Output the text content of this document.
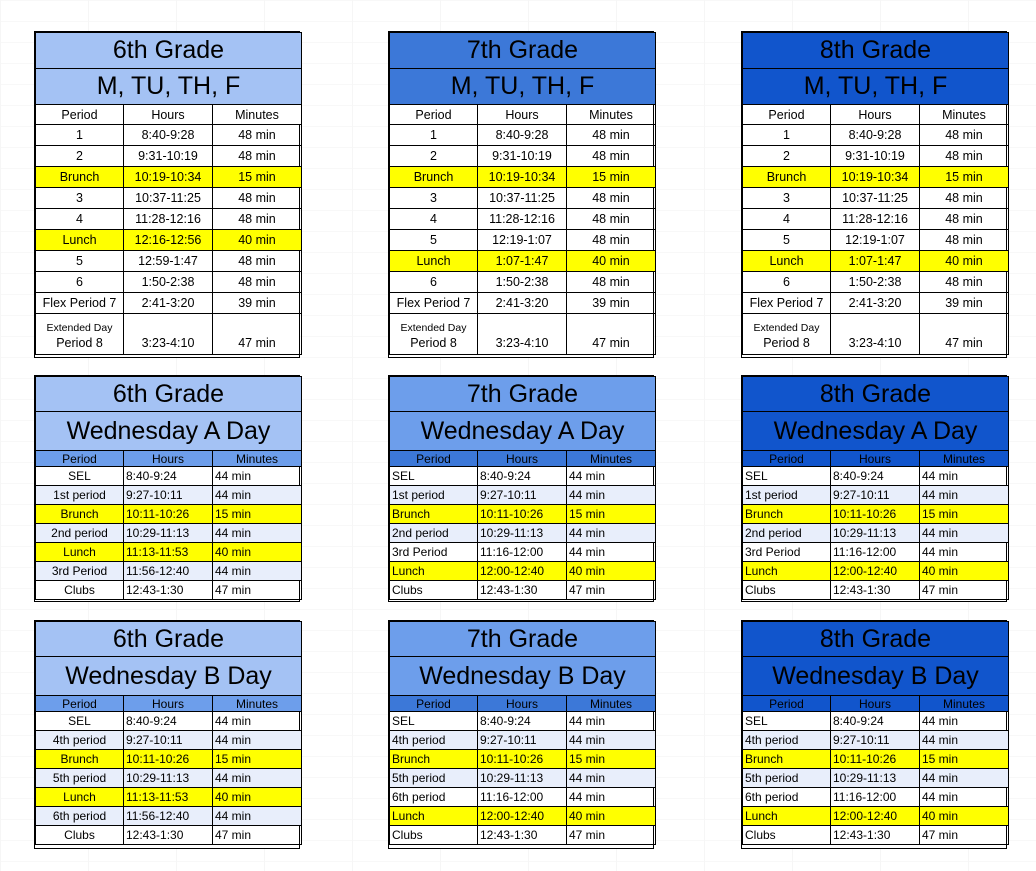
6th Grade		
M, TU, TH, F		
Period	Hours	Minutes
1	8:40-9:28	48 min
2	9:31-10:19	48 min
Brunch	10:19-10:34	15 min
3	10:37-11:25	48 min
4	11:28-12:16	48 min
Lunch	12:16-12:56	40 min
5	12:59-1:47	48 min
6	1:50-2:38	48 min
Flex Period 7	2:41-3:20	39 min

Extended Day
Period 8	3:23-4:10	47 min
7th Grade		
M, TU, TH, F		
Period	Hours	Minutes
1	8:40-9:28	48 min
2	9:31-10:19	48 min
Brunch	10:19-10:34	15 min
3	10:37-11:25	48 min
4	11:28-12:16	48 min
5	12:19-1:07	48 min
Lunch	1:07-1:47	40 min
6	1:50-2:38	48 min
Flex Period 7	2:41-3:20	39 min

Extended Day
Period 8	3:23-4:10	47 min
8th Grade		
M, TU, TH, F		
Period	Hours	Minutes
1	8:40-9:28	48 min
2	9:31-10:19	48 min
Brunch	10:19-10:34	15 min
3	10:37-11:25	48 min
4	11:28-12:16	48 min
5	12:19-1:07	48 min
Lunch	1:07-1:47	40 min
6	1:50-2:38	48 min
Flex Period 7	2:41-3:20	39 min

Extended Day
Period 8	3:23-4:10	47 min
6th Grade		
Wednesday A Day		
Period	Hours	Minutes
SEL	8:40-9:24	44 min
1st period	9:27-10:11	44 min
Brunch	10:11-10:26	15 min
2nd period	10:29-11:13	44 min
Lunch	11:13-11:53	40 min
3rd Period	11:56-12:40	44 min
Clubs	12:43-1:30	47 min
7th Grade		
Wednesday A Day		
Period	Hours	Minutes
SEL	8:40-9:24	44 min
1st period	9:27-10:11	44 min
Brunch	10:11-10:26	15 min
2nd period	10:29-11:13	44 min
3rd Period	11:16-12:00	44 min
Lunch	12:00-12:40	40 min
Clubs	12:43-1:30	47 min
8th Grade		
Wednesday A Day		
Period	Hours	Minutes
SEL	8:40-9:24	44 min
1st period	9:27-10:11	44 min
Brunch	10:11-10:26	15 min
2nd period	10:29-11:13	44 min
3rd Period	11:16-12:00	44 min
Lunch	12:00-12:40	40 min
Clubs	12:43-1:30	47 min
6th Grade		
Wednesday B Day		
Period	Hours	Minutes
SEL	8:40-9:24	44 min
4th period	9:27-10:11	44 min
Brunch	10:11-10:26	15 min
5th period	10:29-11:13	44 min
Lunch	11:13-11:53	40 min
6th period	11:56-12:40	44 min
Clubs	12:43-1:30	47 min
7th Grade		
Wednesday B Day		
Period	Hours	Minutes
SEL	8:40-9:24	44 min
4th period	9:27-10:11	44 min
Brunch	10:11-10:26	15 min
5th period	10:29-11:13	44 min
6th period	11:16-12:00	44 min
Lunch	12:00-12:40	40 min
Clubs	12:43-1:30	47 min
8th Grade		
Wednesday B Day		
Period	Hours	Minutes
SEL	8:40-9:24	44 min
4th period	9:27-10:11	44 min
Brunch	10:11-10:26	15 min
5th period	10:29-11:13	44 min
6th period	11:16-12:00	44 min
Lunch	12:00-12:40	40 min
Clubs	12:43-1:30	47 min
